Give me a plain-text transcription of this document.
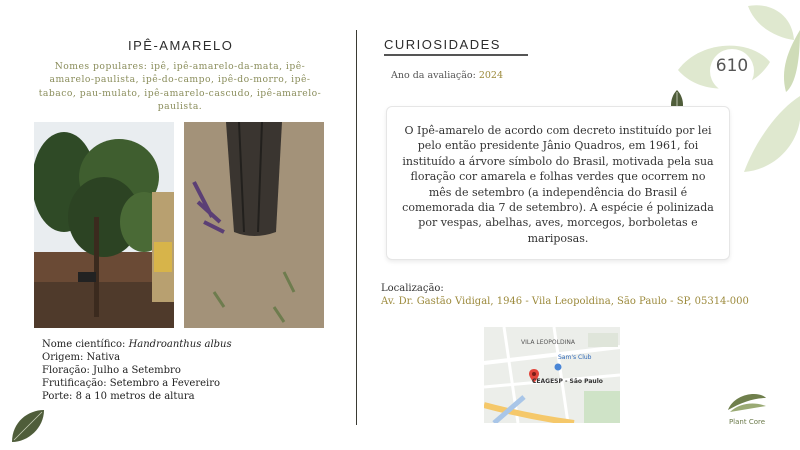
610
IPÊ-AMARELO
Nomes populares: ipê, ipê-amarelo-da-mata, ipê-amarelo-paulista, ipê-do-campo, ipê-do-morro, ipê-tabaco, pau-mulato, ipê-amarelo-cascudo, ipê-amarelo-paulista.
Nome científico: Handroanthus albus
Origem: Nativa
Floração: Julho a Setembro
Frutificação: Setembro a Fevereiro
Porte: 8 a 10 metros de altura
CURIOSIDADES
Ano da avaliação: 2024
O Ipê-amarelo de acordo com decreto instituído por lei pelo então presidente Jânio Quadros, em 1961, foi instituído a árvore símbolo do Brasil, motivada pela sua floração cor amarela e folhas verdes que ocorrem no mês de setembro (a independência do Brasil é comemorada dia 7 de setembro). A espécie é polinizada por vespas, abelhas, aves, morcegos, borboletas e mariposas.
Localização:
Av. Dr. Gastão Vidigal, 1946 - Vila Leopoldina, São Paulo - SP, 05314-000
VILA LEOPOLDINA
Sam's Club
CEAGESP - São Paulo
Plant Core
